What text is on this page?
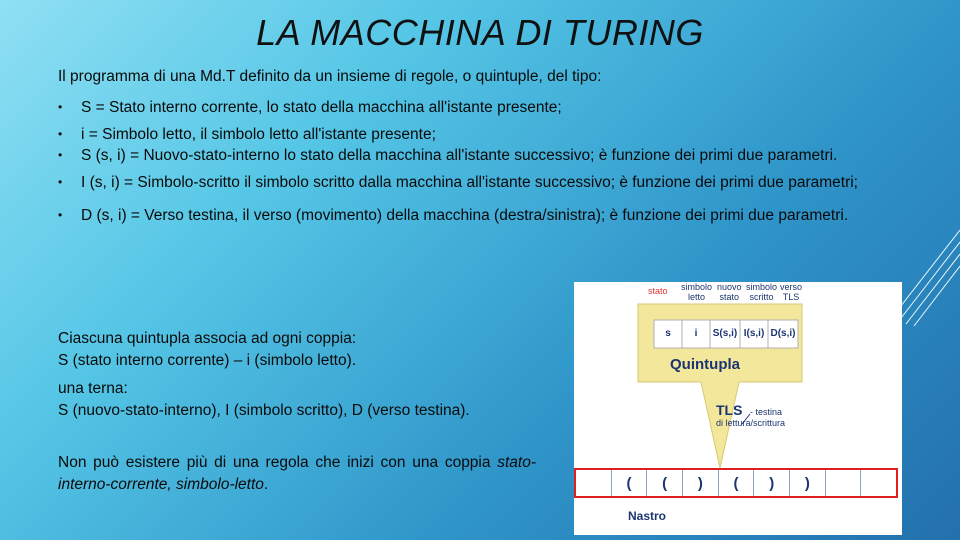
LA MACCHINA DI TURING
Il programma di una Md.T definito da un insieme di regole, o quintuple, del tipo:
• S = Stato interno corrente, lo stato della macchina all'istante presente;
• i = Simbolo letto, il simbolo letto all'istante presente;
• S (s, i) = Nuovo-stato-interno lo stato della macchina all'istante successivo; è funzione dei primi due parametri.
• I (s, i) = Simbolo-scritto il simbolo scritto dalla macchina all'istante successivo; è funzione dei primi due parametri;
• D (s, i) = Verso testina, il verso (movimento) della macchina (destra/sinistra); è funzione dei primi due parametri.
Ciascuna quintupla associa ad ogni coppia:
S (stato interno corrente) – i (simbolo letto).
una terna:
S (nuovo-stato-interno), I (simbolo scritto), D (verso testina).
Non può esistere più di una regola che inizi con una coppia stato-interno-corrente, simbolo-letto.
stato simbolo
letto
nuovo
stato
simbolo
scritto
verso
TLS
s	i	S(s,i) I(s,i) D(s,i)
Quintupla
TLS - testina
di lettura/scrittura
(	(	)	(	)	)
Nastro
